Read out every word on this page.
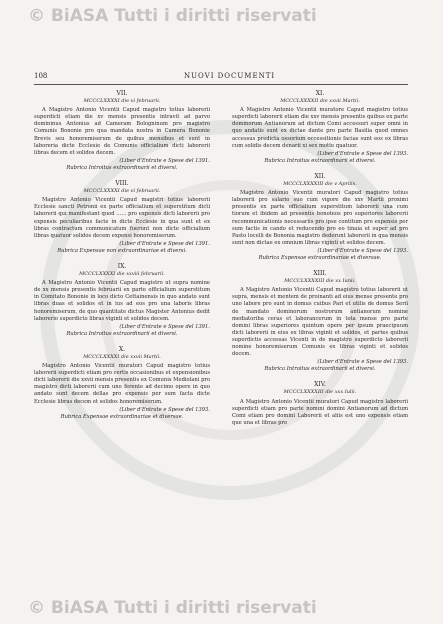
© BiASA Tutti i diritti riservati
108	NUOVI DOCUMENTI
VII.
MCCCLXXXXI die vi februarii.

A Magistro Antonio Vicentii Capud magistro totius laborerii superdicti etiam die xv mensis presentis intravit ad parvo domininus Antonius ad Cameram Bologninum pro magistro Comunis Bononie pro qua mandata nostra in Camera Bononie Brevis seu honoremiserum de quibus mensibus et sunt in laboreria dicte Ecclesie de Comunis officialium dicti laborerii libras decem et solidos decem.

(Liber d'Entrate e Spese del 1391.
Rubrica Introitus extraordinarii et diversi.
VIII.
MCCCLXXXXI die vi februarii.

Magistro Antonio Vicentii Capud magistri totius laborerii Ecclesie sancti Petronii ex parte officialium et superstitum dicti laborerii qui manifestant quod ...... pro expensis dicti laborerii pro expensis peculiaribus facte in dicte Ecclesie in qua sunt et ex libras contractum communicatum fuerunt non dicte officialium libras quatuor solidos decem expensi honoremiserum.

(Liber d'Entrate e Spese del 1391.
Rubrica Expensae non extraordinariae et diversi.
IX.
MCCCLXXXXI die xxviii februarii.

A Magistro Antonio Vicentii Capud magistro ut supra nomine de xx mensis presentis februarii ex parte officialium superstitum in Comitato Bononie in loco dicto Cettainensis in quo andato sunt libras duas et solidos et in ius ad eos pro una laboris libras honoremiserum, de quo quantitate dictus Magister Antonius dedit laborerio superdicto libras viginti et solidos decem.

(Liber d'Entrate e Spese del 1391.
Rubrica Introitus extraordinarii et diversi.
X.
MCCCLXXXXI die xxvii Martii.

Magistro Antonio Vicentii muratori Capud magistro totius laborerii superdicti etiam pro certis occasionibus et expensionibus dicti laborerii die xxvii mensis presentis ex Comunis Mediolani pro magistro dicti laborerii cum uno ferente ad decimo opere in quo andato sunt decem dellas pro expensis per sum facta dicte Ecclesie libras decem et solidos honoremiserum.

(Liber d'Entrate e Spese del 1393.
Rubrica Expensae extraordinariae et diversae.
XI.
MCCCLXXXXII die xxvii Martii.

A Magistro Antonio Vicentii muratore Capud magistro totius superdicti laborerii etiam die xxv mensis presentis quibus ex parte dominorum Antianorum ad dictum Comi accessuri super omni in quo andatis sunt ex dictae dante pro parte Basilia quod omnes accessus predicta ossorium occessitionis facias sunt eos ex libras cum solidis decem denarii xi sex motte quatuor.

(Liber d'Entrate e Spese del 1393.
Rubrica Introitus extraordinarii et diversi.
XII.
MCCCLXXXXIII die v Aprilis.

Magistro Antonio Vicentii muratori Capud magistro totius laborerii pro salario suo cum vigore die xxv Martii proximi presentis ex parte officialium superstitum laborerii una cum tiorum et ibidem ad presentis bonoteos pro superiores laborerii recommunicationis necessariis pro ipse contitum pro expensis per sum factis in cando et reducendo pro eo tinaia et super ad pro Pasto locelli de Bononia magistro dederunt laborerii in qua mensis sunt non dictae ex omnium libras viginti et solidos decem.

(Liber d'Entrate e Spese del 1393.
Rubrica Expensae extraordinariae et diversae.
XIII.
MCCCLXXXXIII die xx Iunii.

A Magistro Antonio Vicentii Capud magistro totius laborerii ut supra, mensis et mentem de proinanti ad eius mense presente pro uno labore pro sunt in domus cuibus Pari et utilis de domus Serii de mandato dominorum nostrorum antianorum nomine mediatoriba ceras et laborancerum in tota mense pro parte domini libras superiores quintum opere per ipsum praecipuum dicti laborerii in eius ex libras viginti et solidos, et partes quibus superdictis accessas Vicenti in de magistro superdicto laborerii nomine honoremiserum Comunis ex libras viginti et solidos decem.

(Liber d'Entrate e Spese del 1393.
Rubrica Introitus extraordinarii et diversi.
XIV.
MCCCLXXXXIII die xxx Iulii.

A Magistro Antonio Vicentii muratori Capud magistro laborerii superdicti etiam pro parte nomini domini Antianorum ad dictum Comi etiam pro domini Laborerii et aliis est uno expensis etiam que una et libras pro

© BiASA Tutti i diritti riservati
